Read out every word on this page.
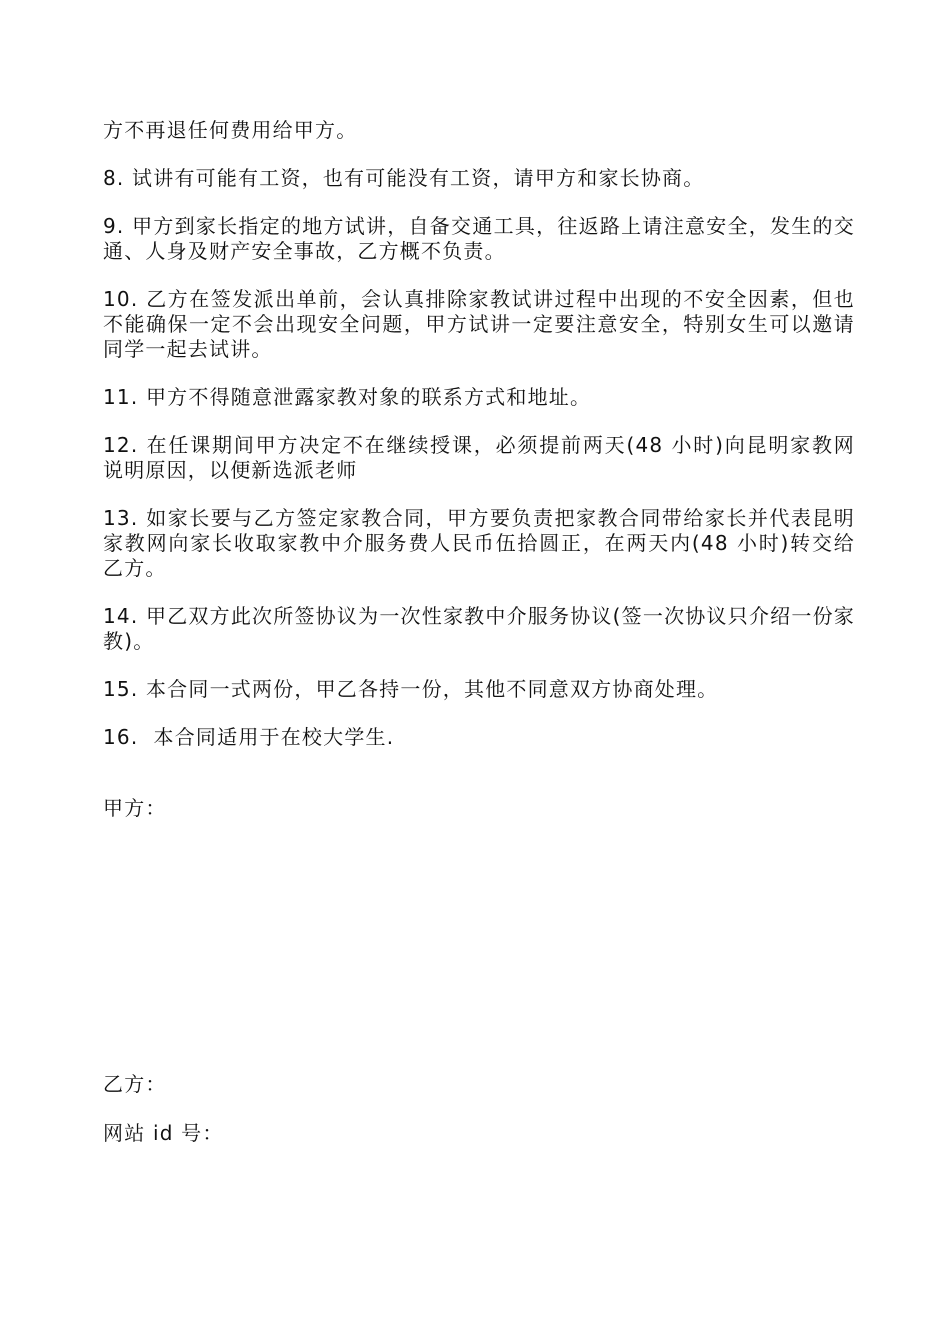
方不再退任何费用给甲方。

8. 试讲有可能有工资，也有可能没有工资，请甲方和家长协商。

9. 甲方到家长指定的地方试讲，自备交通工具，往返路上请注意安全，发生的交通、人身及财产安全事故，乙方概不负责。

10. 乙方在签发派出单前，会认真排除家教试讲过程中出现的不安全因素，但也不能确保一定不会出现安全问题，甲方试讲一定要注意安全，特别女生可以邀请同学一起去试讲。

11. 甲方不得随意泄露家教对象的联系方式和地址。

12. 在任课期间甲方决定不在继续授课，必须提前两天(48 小时)向昆明家教网说明原因，以便新选派老师

13. 如家长要与乙方签定家教合同，甲方要负责把家教合同带给家长并代表昆明家教网向家长收取家教中介服务费人民币伍拾圆正，在两天内(48 小时)转交给乙方。

14. 甲乙双方此次所签协议为一次性家教中介服务协议(签一次协议只介绍一份家教)。

15. 本合同一式两份，甲乙各持一份，其他不同意双方协商处理。

16.  本合同适用于在校大学生.

甲方：
乙方：
网站 id 号：
